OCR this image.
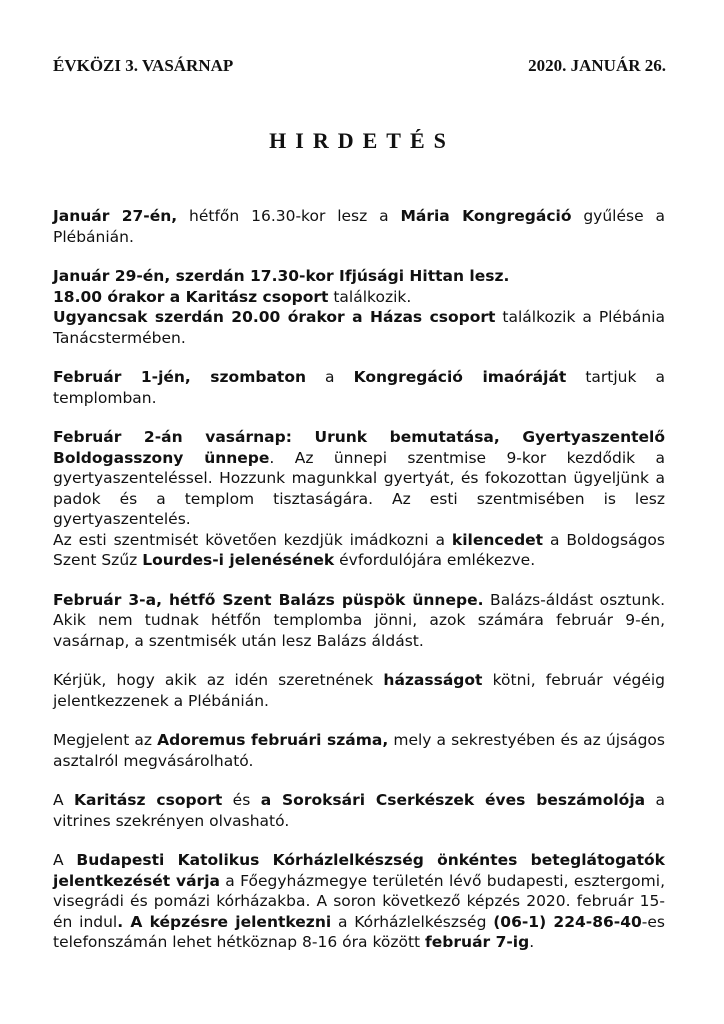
ÉVKÖZI 3. VASÁRNAP	2020. JANUÁR 26.
HIRDETÉS

Január 27-én, hétfőn 16.30-kor lesz a Mária Kongregáció gyűlése a Plébánián.

Január 29-én, szerdán 17.30-kor Ifjúsági Hittan lesz.
18.00 órakor a Karitász csoport találkozik.
Ugyancsak szerdán 20.00 órakor a Házas csoport találkozik a Plébánia Tanácstermében.

Február 1-jén, szombaton a Kongregáció imaóráját tartjuk a templomban.

Február 2-án vasárnap: Urunk bemutatása, Gyertyaszentelő Boldogasszony ünnepe. Az ünnepi szentmise 9-kor kezdődik a gyertyaszenteléssel. Hozzunk magunkkal gyertyát, és fokozottan ügyeljünk a padok és a templom tisztaságára. Az esti szentmisében is lesz gyertyaszentelés.

Az esti szentmisét követően kezdjük imádkozni a kilencedet a Boldogságos Szent Szűz Lourdes-i jelenésének évfordulójára emlékezve.

Február 3-a, hétfő Szent Balázs püspök ünnepe. Balázs-áldást osztunk. Akik nem tudnak hétfőn templomba jönni, azok számára február 9-én, vasárnap, a szentmisék után lesz Balázs áldást.

Kérjük, hogy akik az idén szeretnének házasságot kötni, február végéig jelentkezzenek a Plébánián.

Megjelent az Adoremus februári száma, mely a sekrestyében és az újságos asztalról megvásárolható.

A Karitász csoport és a Soroksári Cserkészek éves beszámolója a vitrines szekrényen olvasható.

A Budapesti Katolikus Kórházlelkészség önkéntes beteglátogatók jelentkezését várja a Főegyházmegye területén lévő budapesti, esztergomi, visegrádi és pomázi kórházakba. A soron következő képzés 2020. február 15-én indul. A képzésre jelentkezni a Kórházlelkészség (06-1) 224-86-40-es telefonszámán lehet hétköznap 8-16 óra között február 7-ig.
